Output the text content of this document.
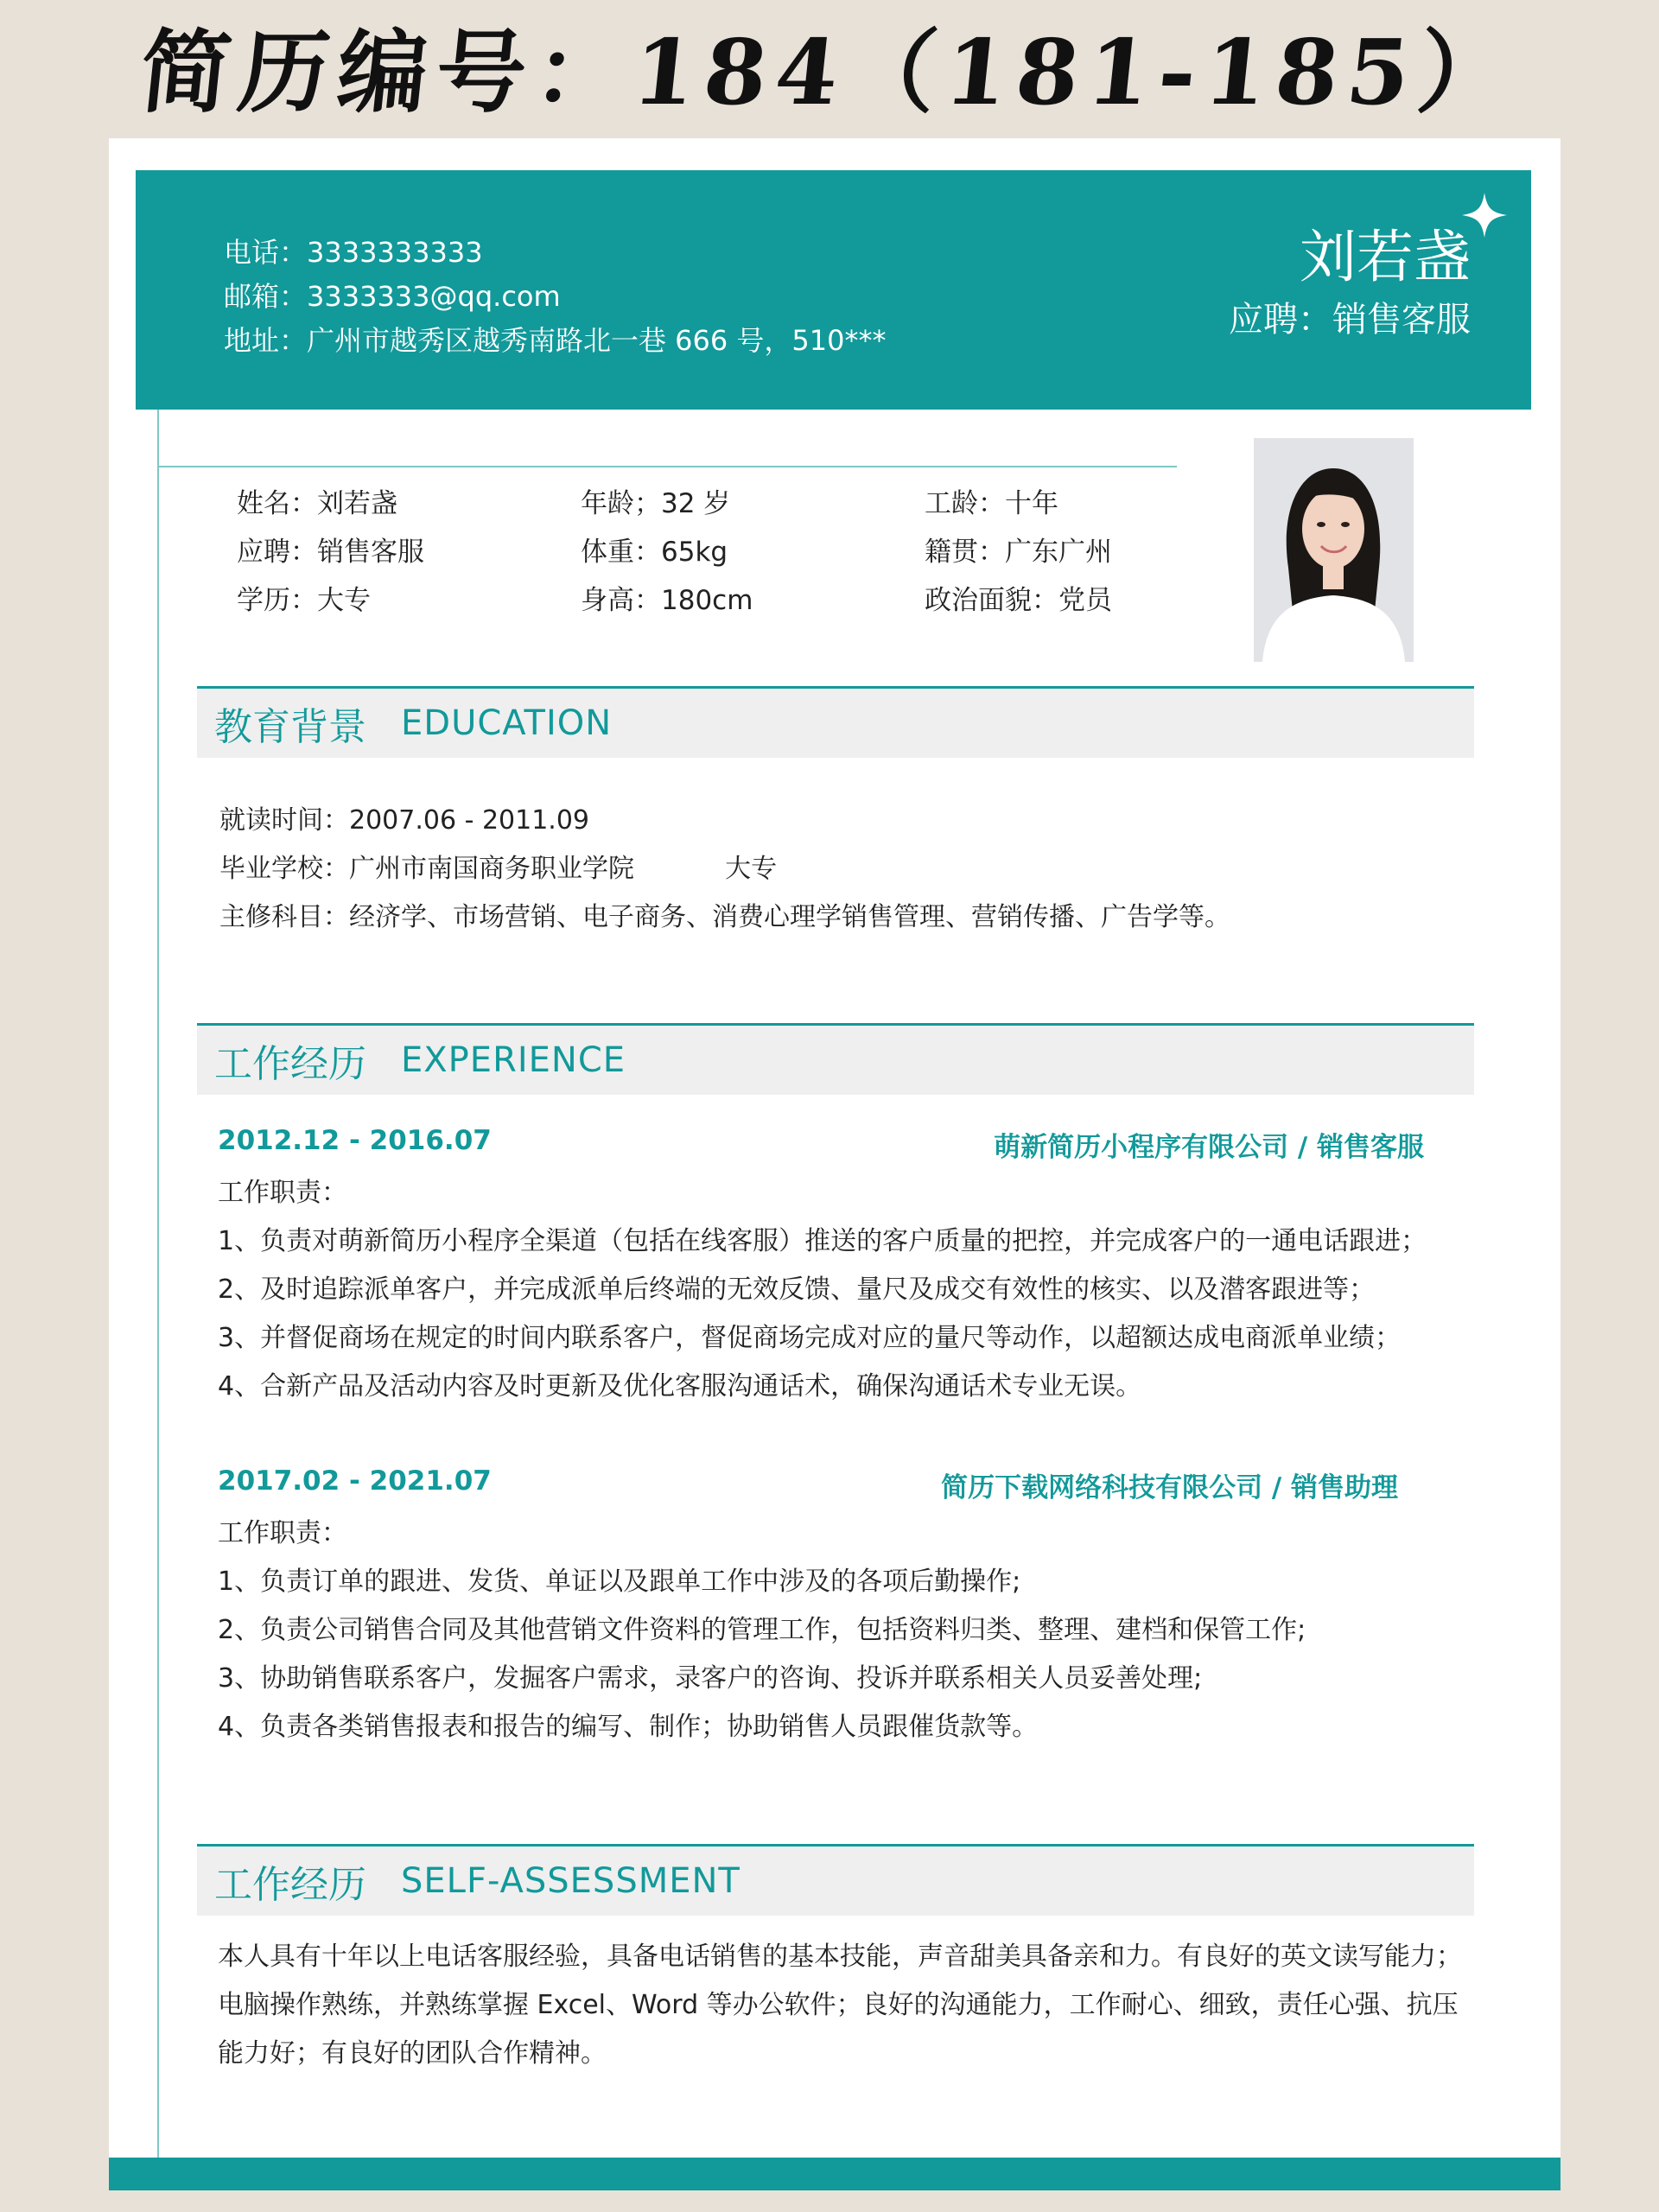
简历编号：184（181-185）
电话：3333333333
邮箱：3333333@qq.com
地址：广州市越秀区越秀南路北一巷 666 号，510***
刘若盏
应聘：销售客服
姓名：刘若盏	年龄；32 岁	工龄：十年
应聘：销售客服	体重：65kg	籍贯：广东广州
学历：大专	身高：180cm	政治面貌：党员
教育背景 EDUCATION
就读时间：2007.06 - 2011.09
毕业学校：广州市南国商务职业学院	大专
主修科目：经济学、市场营销、电子商务、消费心理学销售管理、营销传播、广告学等。
工作经历 EXPERIENCE
2012.12 - 2016.07	萌新简历小程序有限公司 / 销售客服
工作职责：
1、负责对萌新简历小程序全渠道（包括在线客服）推送的客户质量的把控，并完成客户的一通电话跟进；
2、及时追踪派单客户，并完成派单后终端的无效反馈、量尺及成交有效性的核实、以及潜客跟进等；
3、并督促商场在规定的时间内联系客户，督促商场完成对应的量尺等动作，以超额达成电商派单业绩；
4、合新产品及活动内容及时更新及优化客服沟通话术，确保沟通话术专业无误。
2017.02 - 2021.07	简历下载网络科技有限公司 / 销售助理
工作职责：
1、负责订单的跟进、发货、单证以及跟单工作中涉及的各项后勤操作;
2、负责公司销售合同及其他营销文件资料的管理工作，包括资料归类、整理、建档和保管工作;
3、协助销售联系客户，发掘客户需求，录客户的咨询、投诉并联系相关人员妥善处理;
4、负责各类销售报表和报告的编写、制作；协助销售人员跟催货款等。
工作经历 SELF-ASSESSMENT
本人具有十年以上电话客服经验，具备电话销售的基本技能，声音甜美具备亲和力。有良好的英文读写能力；
电脑操作熟练，并熟练掌握 Excel、Word 等办公软件；良好的沟通能力，工作耐心、细致，责任心强、抗压
能力好；有良好的团队合作精神。
